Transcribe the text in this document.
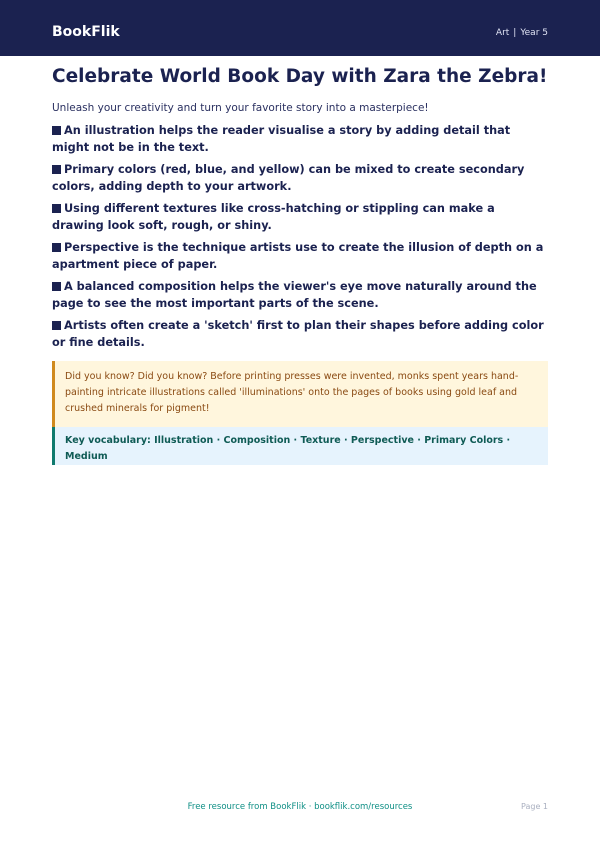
BookFlik	Art | Year 5
Celebrate World Book Day with Zara the Zebra!
Unleash your creativity and turn your favorite story into a masterpiece!
An illustration helps the reader visualise a story by adding detail that might not be in the text.
Primary colors (red, blue, and yellow) can be mixed to create secondary colors, adding depth to your artwork.
Using different textures like cross-hatching or stippling can make a drawing look soft, rough, or shiny.
Perspective is the technique artists use to create the illusion of depth on a apartment piece of paper.
A balanced composition helps the viewer's eye move naturally around the page to see the most important parts of the scene.
Artists often create a 'sketch' first to plan their shapes before adding color or fine details.
Did you know? Did you know? Before printing presses were invented, monks spent years hand-painting intricate illustrations called 'illuminations' onto the pages of books using gold leaf and crushed minerals for pigment!
Key vocabulary: Illustration · Composition · Texture · Perspective · Primary Colors · Medium
Free resource from BookFlik · bookflik.com/resources	Page 1
